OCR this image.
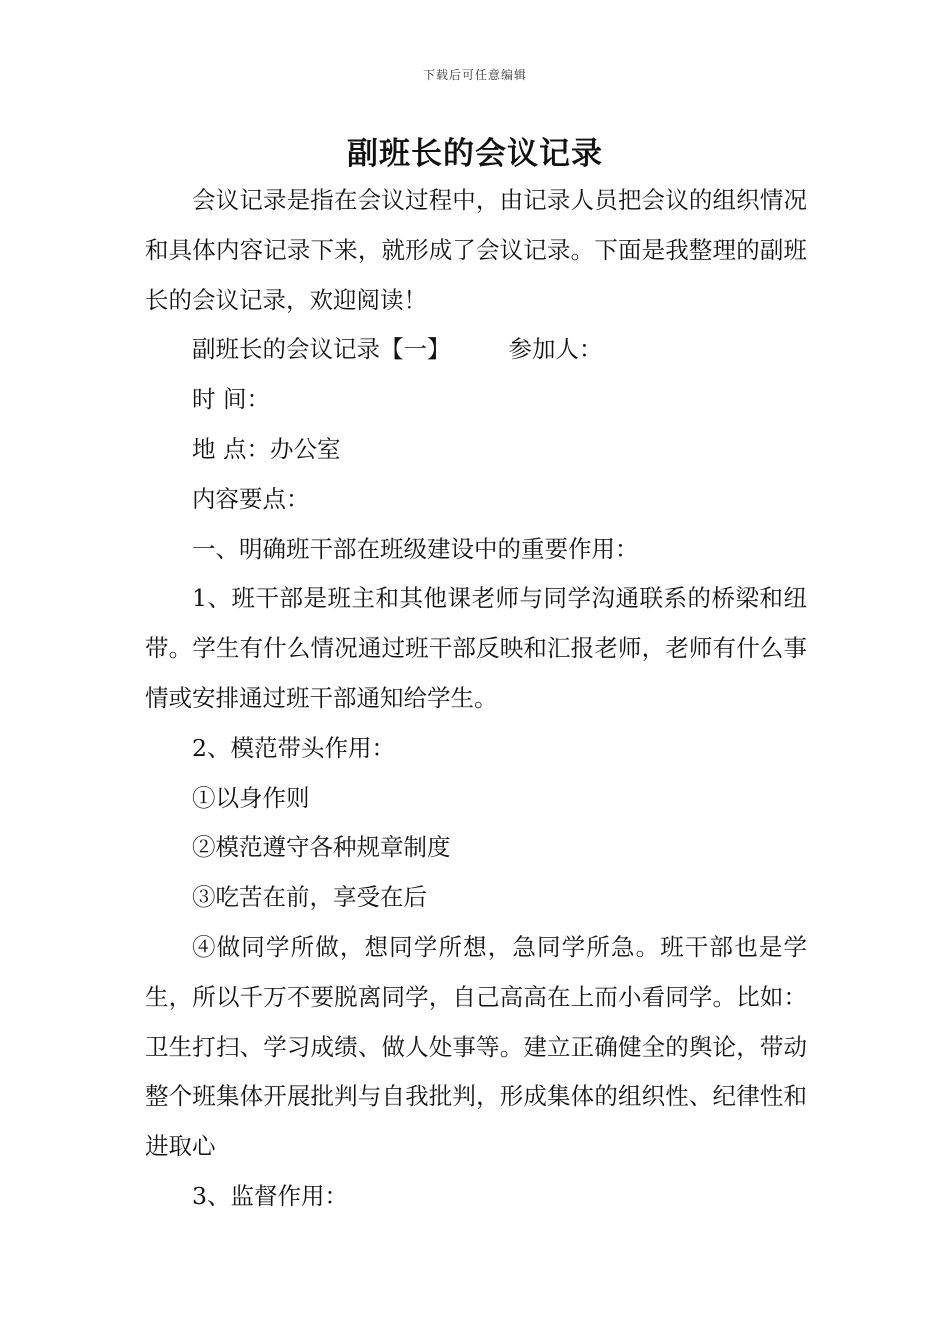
下载后可任意编辑
副班长的会议记录

会议记录是指在会议过程中，由记录人员把会议的组织情况和具体内容记录下来，就形成了会议记录。下面是我整理的副班长的会议记录，欢迎阅读！

副班长的会议记录【一】 参加人：

时 间：

地 点：办公室

内容要点：

一、明确班干部在班级建设中的重要作用：

1、班干部是班主和其他课老师与同学沟通联系的桥梁和纽带。学生有什么情况通过班干部反映和汇报老师，老师有什么事情或安排通过班干部通知给学生。

2、模范带头作用：

①以身作则

②模范遵守各种规章制度

③吃苦在前，享受在后

④做同学所做，想同学所想，急同学所急。班干部也是学生，所以千万不要脱离同学，自己高高在上而小看同学。比如：卫生打扫、学习成绩、做人处事等。建立正确健全的舆论，带动整个班集体开展批判与自我批判，形成集体的组织性、纪律性和进取心

3、监督作用：
